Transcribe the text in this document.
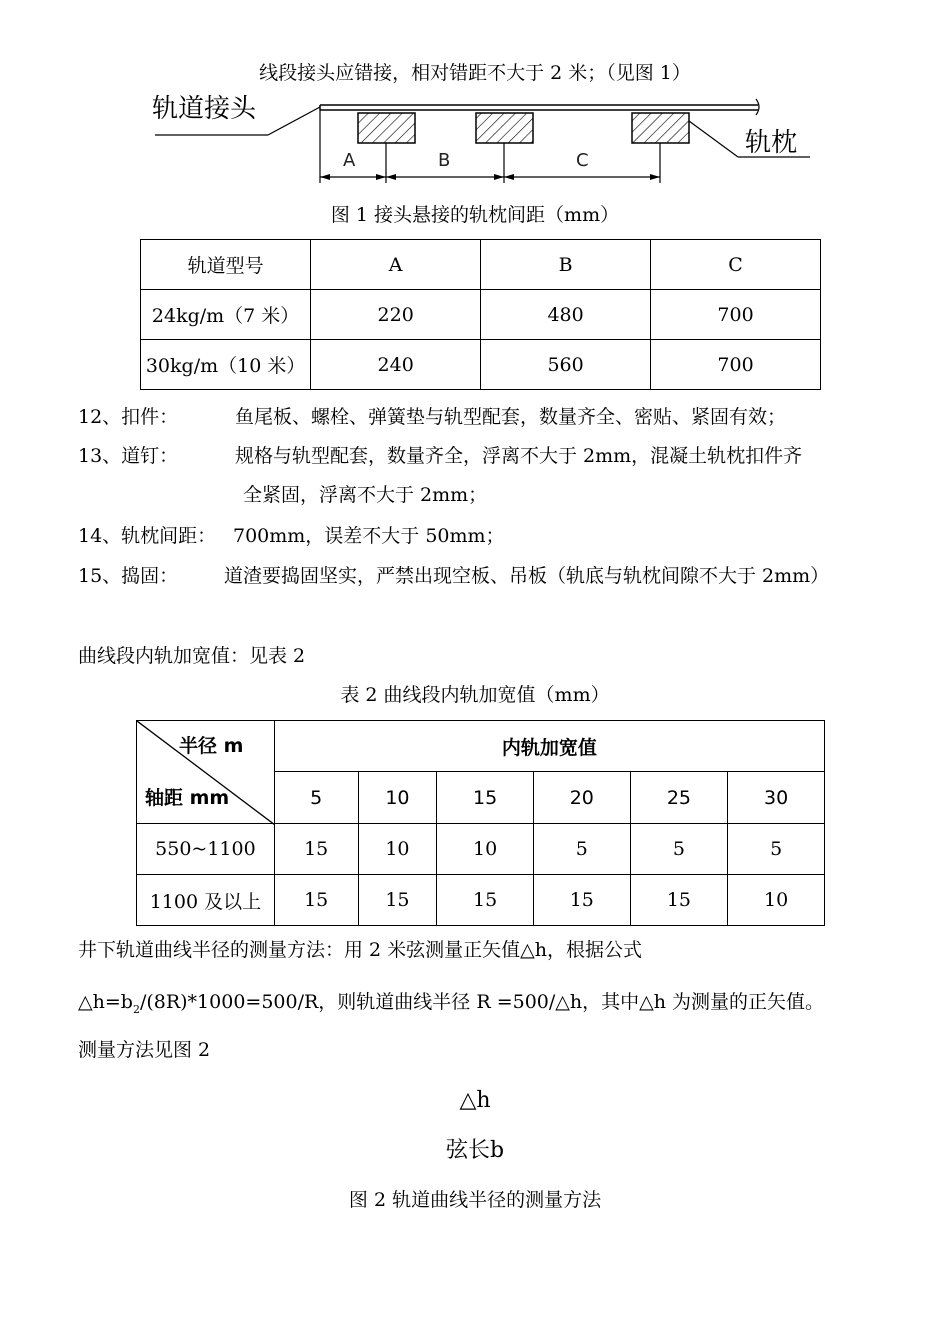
线段接头应错接，相对错距不大于 2 米；（见图 1）
轨道接头
轨枕
A	B	C
图 1 接头悬接的轨枕间距（mm）
轨道型号	A	B	C
24kg/m（7 米）	220	480	700
30kg/m（10 米）	240	560	700
12、扣件：	鱼尾板、螺栓、弹簧垫与轨型配套，数量齐全、密贴、紧固有效；
13、道钉：	规格与轨型配套，数量齐全，浮离不大于 2mm，混凝土轨枕扣件齐
全紧固，浮离不大于 2mm；
14、轨枕间距： 700mm，误差不大于 50mm；
15、捣固： 道渣要捣固坚实，严禁出现空板、吊板（轨底与轨枕间隙不大于 2mm）
曲线段内轨加宽值：见表 2
表 2 曲线段内轨加宽值（mm）
半径 m
轴距 mm	内轨加宽值					
	5	10	15	20	25	30
550~1100	15	10	10	5	5	5
1100 及以上	15	15	15	15	15	10
井下轨道曲线半径的测量方法：用 2 米弦测量正矢值△h，根据公式
$\triangle h=b_2/(8R)*1000=500/R$，则轨道曲线半径 R =500/△h，其中△h 为测量的正矢值。
测量方法见图 2
△h
弦长b
图 2 轨道曲线半径的测量方法
